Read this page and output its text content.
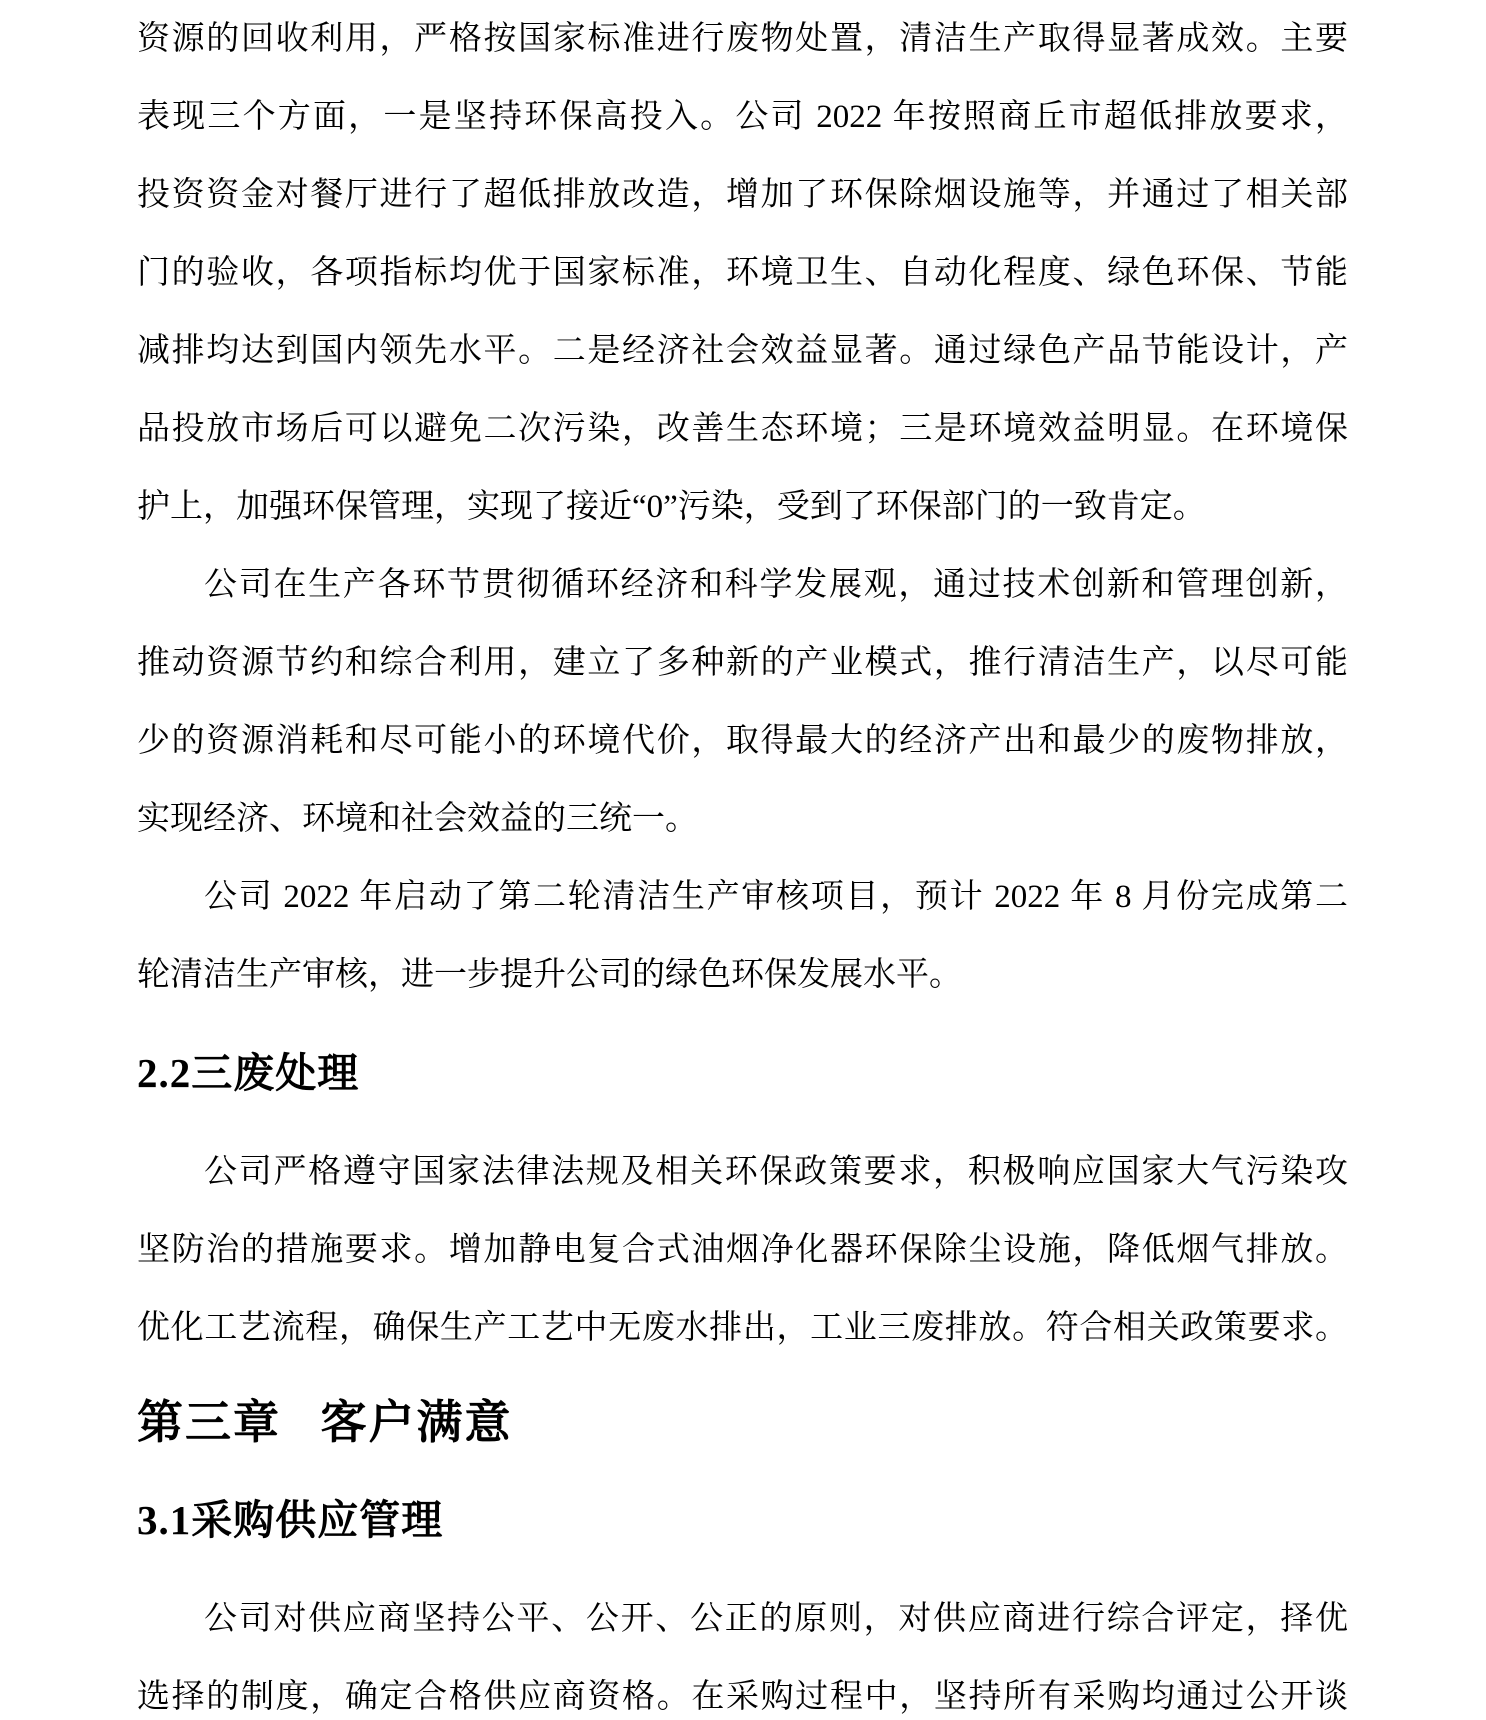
资源的回收利用，严格按国家标准进行废物处置，清洁生产取得显著成效。主要
表现三个方面，一是坚持环保高投入。公司 2022 年按照商丘市超低排放要求，
投资资金对餐厅进行了超低排放改造，增加了环保除烟设施等，并通过了相关部
门的验收，各项指标均优于国家标准，环境卫生、自动化程度、绿色环保、节能
减排均达到国内领先水平。二是经济社会效益显著。通过绿色产品节能设计，产
品投放市场后可以避免二次污染，改善生态环境；三是环境效益明显。在环境保
护上，加强环保管理，实现了接近“0”污染，受到了环保部门的一致肯定。
公司在生产各环节贯彻循环经济和科学发展观，通过技术创新和管理创新，
推动资源节约和综合利用，建立了多种新的产业模式，推行清洁生产，以尽可能
少的资源消耗和尽可能小的环境代价，取得最大的经济产出和最少的废物排放，
实现经济、环境和社会效益的三统一。
公司 2022 年启动了第二轮清洁生产审核项目，预计 2022 年 8 月份完成第二
轮清洁生产审核，进一步提升公司的绿色环保发展水平。
2.2三废处理
公司严格遵守国家法律法规及相关环保政策要求，积极响应国家大气污染攻
坚防治的措施要求。增加静电复合式油烟净化器环保除尘设施，降低烟气排放。
优化工艺流程，确保生产工艺中无废水排出，工业三废排放。符合相关政策要求。
第三章 客户满意
3.1采购供应管理
公司对供应商坚持公平、公开、公正的原则，对供应商进行综合评定，择优
选择的制度，确定合格供应商资格。在采购过程中，坚持所有采购均通过公开谈
